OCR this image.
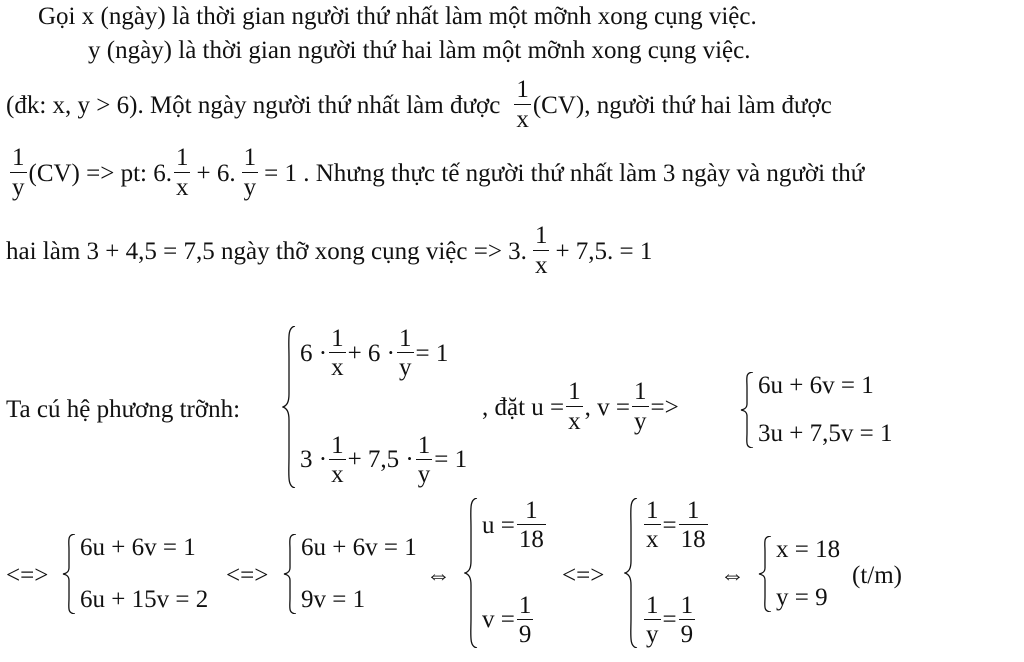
Gọi x (ngày) là thời gian người thứ nhất làm một mỡnh xong cụng việc.
y (ngày) là thời gian người thứ hai làm một mỡnh xong cụng việc.
(đk: x, y > 6). Một ngày người thứ nhất làm được $\frac{1}{x} (CV)$, người thứ hai làm được
$\frac{1}{y} (CV)$ => pt: 6. $\frac{1}{x} + 6$. $\frac{1}{y} = 1$ . Nhưng thực tế người thứ nhất làm 3 ngày và người thứ
hai làm 3 + 4,5 = 7,5 ngày thỡ xong cụng việc => 3. $\frac{1}{x} + 7,5$. = 1
Ta cú hệ phương trỡnh:
$6 \cdot \frac{1}{x} + 6 \cdot \frac{1}{y} = 1$
$3 \cdot \frac{1}{x} + 7,5 \cdot \frac{1}{y} = 1$
, đặt $u = \frac{1}{x}$ , $v = \frac{1}{y}$ =>
6u + 6v = 1
3u + 7,5v = 1
<=>
6u + 6v = 1
6u + 15v = 2
<=>
6u + 6v = 1
9v = 1
⇔
$u = \frac{1}{18}$
$v = \frac{1}{9}$
<=>
$\frac{1}{x} = \frac{1}{18}$
$\frac{1}{y} = \frac{1}{9}$
⇔
x = 18
y = 9
(t/m)
